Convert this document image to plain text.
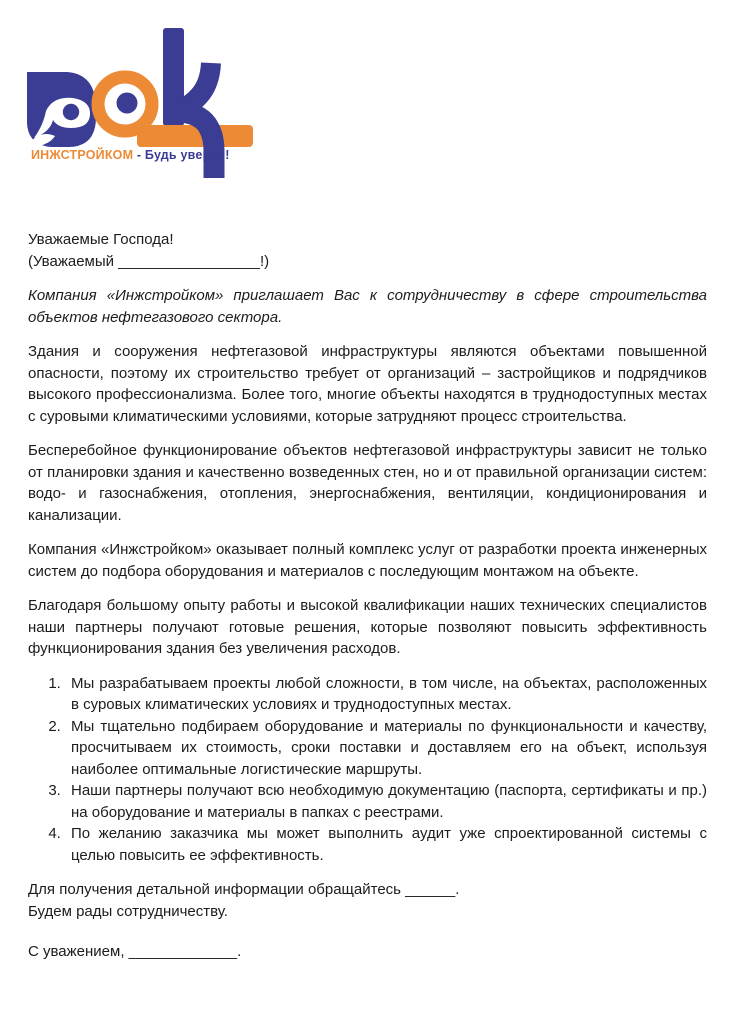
ИНЖСТРОЙКОМ - Будь уверен!
Уважаемые Господа!
(Уважаемый _________________!)

Компания «Инжстройком» приглашает Вас к сотрудничеству в сфере строительства объектов нефтегазового сектора.

Здания и сооружения нефтегазовой инфраструктуры являются объектами повышенной опасности, поэтому их строительство требует от организаций – застройщиков и подрядчиков высокого профессионализма. Более того, многие объекты находятся в труднодоступных местах с суровыми климатическими условиями, которые затрудняют процесс строительства.

Бесперебойное функционирование объектов нефтегазовой инфраструктуры зависит не только от планировки здания и качественно возведенных стен, но и от правильной организации систем: водо- и газоснабжения, отопления, энергоснабжения, вентиляции, кондиционирования и канализации.

Компания «Инжстройком» оказывает полный комплекс услуг от разработки проекта инженерных систем до подбора оборудования и материалов с последующим монтажом на объекте.

Благодаря большому опыту работы и высокой квалификации наших технических специалистов наши партнеры получают готовые решения, которые позволяют повысить эффективность функционирования здания без увеличения расходов.

1. Мы разрабатываем проекты любой сложности, в том числе, на объектах, расположенных в суровых климатических условиях и труднодоступных местах.
2. Мы тщательно подбираем оборудование и материалы по функциональности и качеству, просчитываем их стоимость, сроки поставки и доставляем его на объект, используя наиболее оптимальные логистические маршруты.
3. Наши партнеры получают всю необходимую документацию (паспорта, сертификаты и пр.) на оборудование и материалы в папках с реестрами.
4. По желанию заказчика мы может выполнить аудит уже спроектированной системы с целью повысить ее эффективность.
Для получения детальной информации обращайтесь ______.
Будем рады сотрудничеству.
С уважением, _____________.
